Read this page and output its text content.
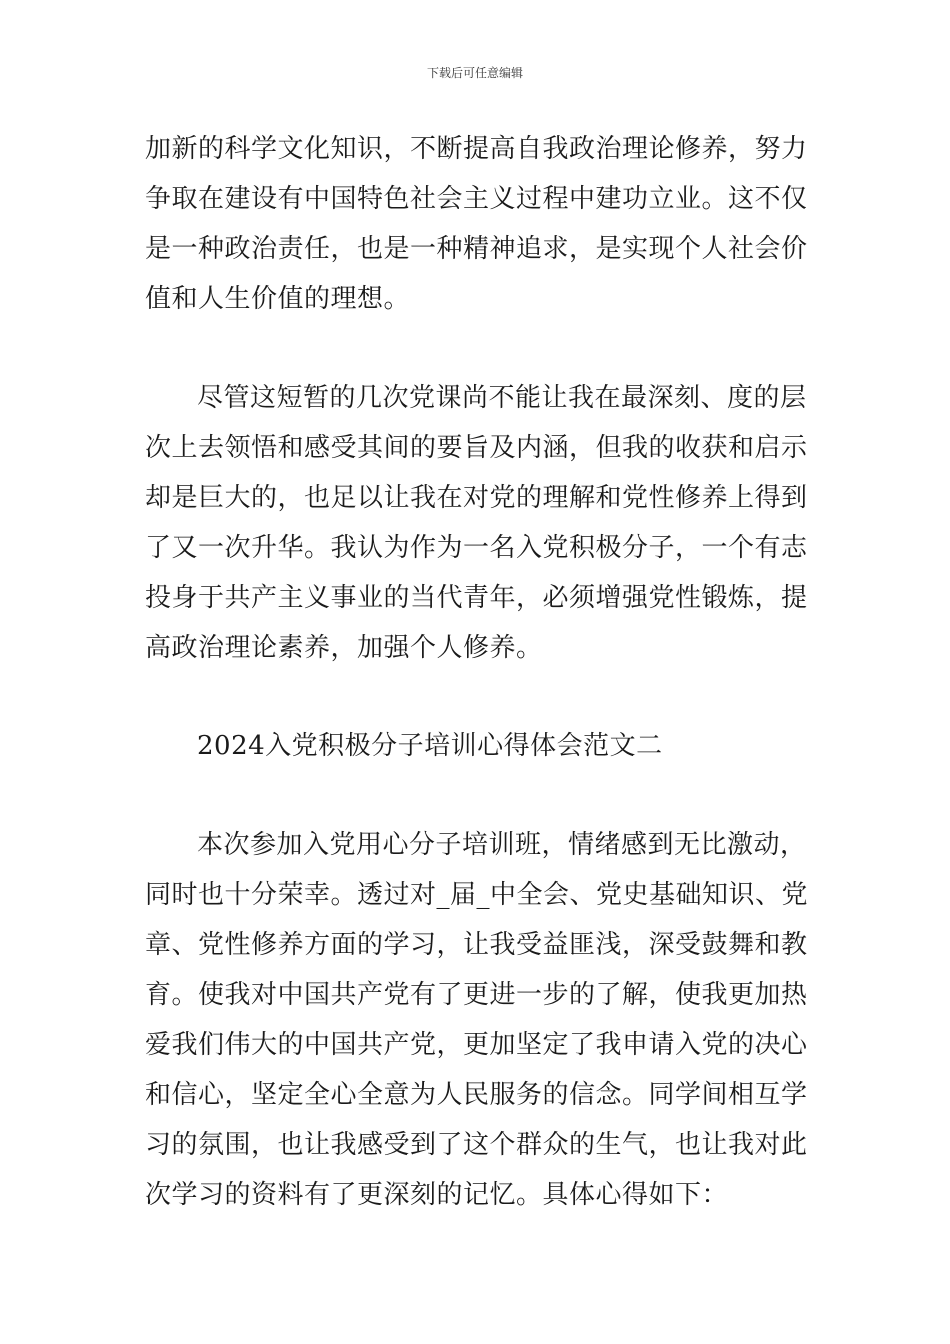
下载后可任意编辑
加新的科学文化知识，不断提高自我政治理论修养，努力
争取在建设有中国特色社会主义过程中建功立业。这不仅
是一种政治责任，也是一种精神追求，是实现个人社会价
值和人生价值的理想。
尽管这短暂的几次党课尚不能让我在最深刻、度的层
次上去领悟和感受其间的要旨及内涵，但我的收获和启示
却是巨大的，也足以让我在对党的理解和党性修养上得到
了又一次升华。我认为作为一名入党积极分子，一个有志
投身于共产主义事业的当代青年，必须增强党性锻炼，提
高政治理论素养，加强个人修养。
2024入党积极分子培训心得体会范文二
本次参加入党用心分子培训班，情绪感到无比激动，
同时也十分荣幸。透过对_届_中全会、党史基础知识、党
章、党性修养方面的学习，让我受益匪浅，深受鼓舞和教
育。使我对中国共产党有了更进一步的了解，使我更加热
爱我们伟大的中国共产党，更加坚定了我申请入党的决心
和信心，坚定全心全意为人民服务的信念。同学间相互学
习的氛围，也让我感受到了这个群众的生气，也让我对此
次学习的资料有了更深刻的记忆。具体心得如下：
